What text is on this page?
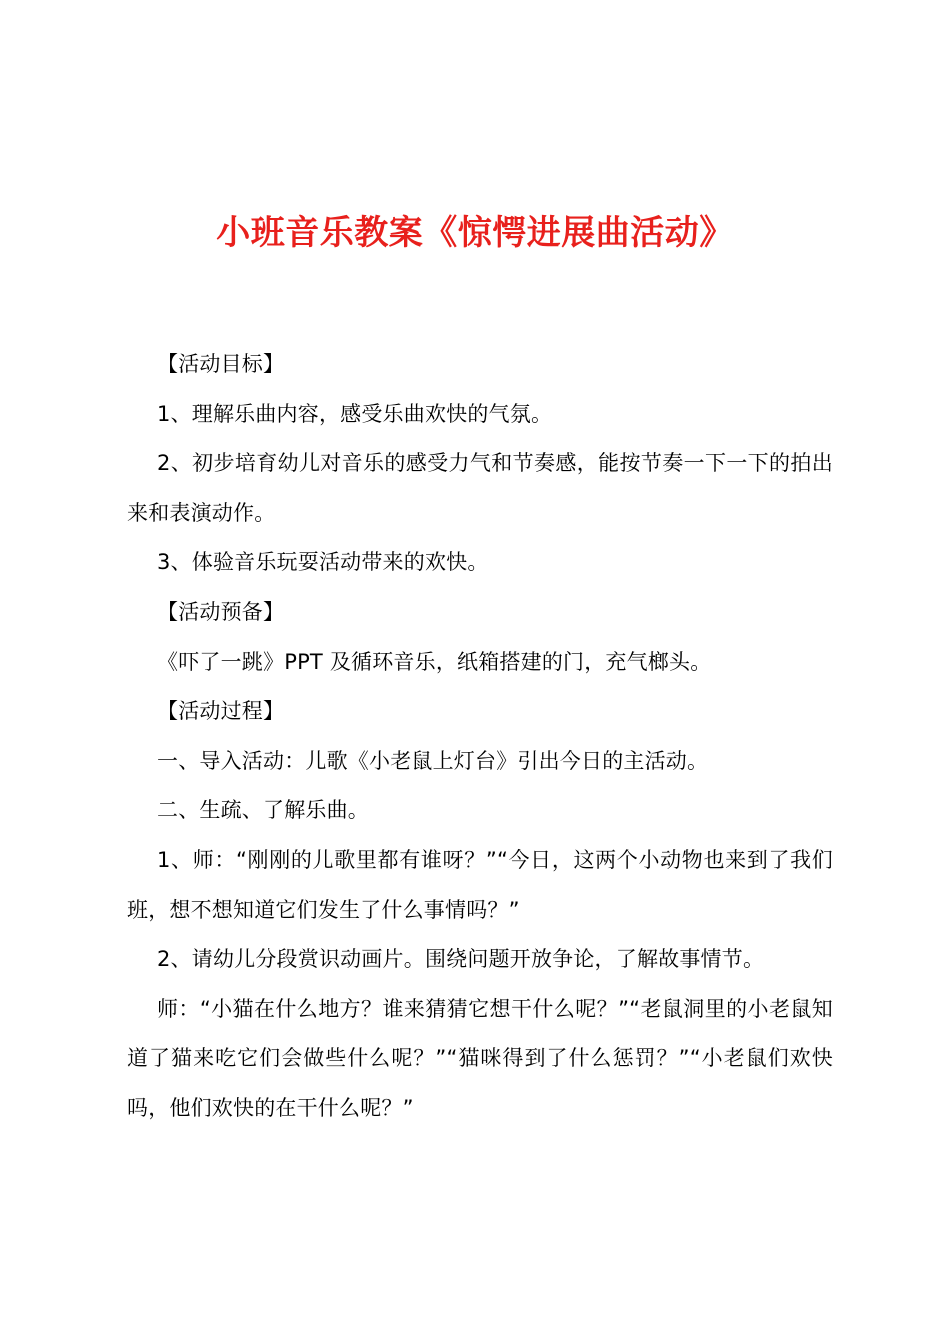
小班音乐教案《惊愕进展曲活动》

【活动目标】

1、理解乐曲内容，感受乐曲欢快的气氛。

2、初步培育幼儿对音乐的感受力气和节奏感，能按节奏一下一下的拍出来和表演动作。

3、体验音乐玩耍活动带来的欢快。

【活动预备】

《吓了一跳》PPT 及循环音乐，纸箱搭建的门，充气榔头。

【活动过程】

一、导入活动：儿歌《小老鼠上灯台》引出今日的主活动。

二、生疏、了解乐曲。

1、师：“刚刚的儿歌里都有谁呀？”“今日，这两个小动物也来到了我们班，想不想知道它们发生了什么事情吗？”

2、请幼儿分段赏识动画片。围绕问题开放争论，了解故事情节。

师：“小猫在什么地方？谁来猜猜它想干什么呢？”“老鼠洞里的小老鼠知道了猫来吃它们会做些什么呢？”“猫咪得到了什么惩罚？”“小老鼠们欢快吗，他们欢快的在干什么呢？”
